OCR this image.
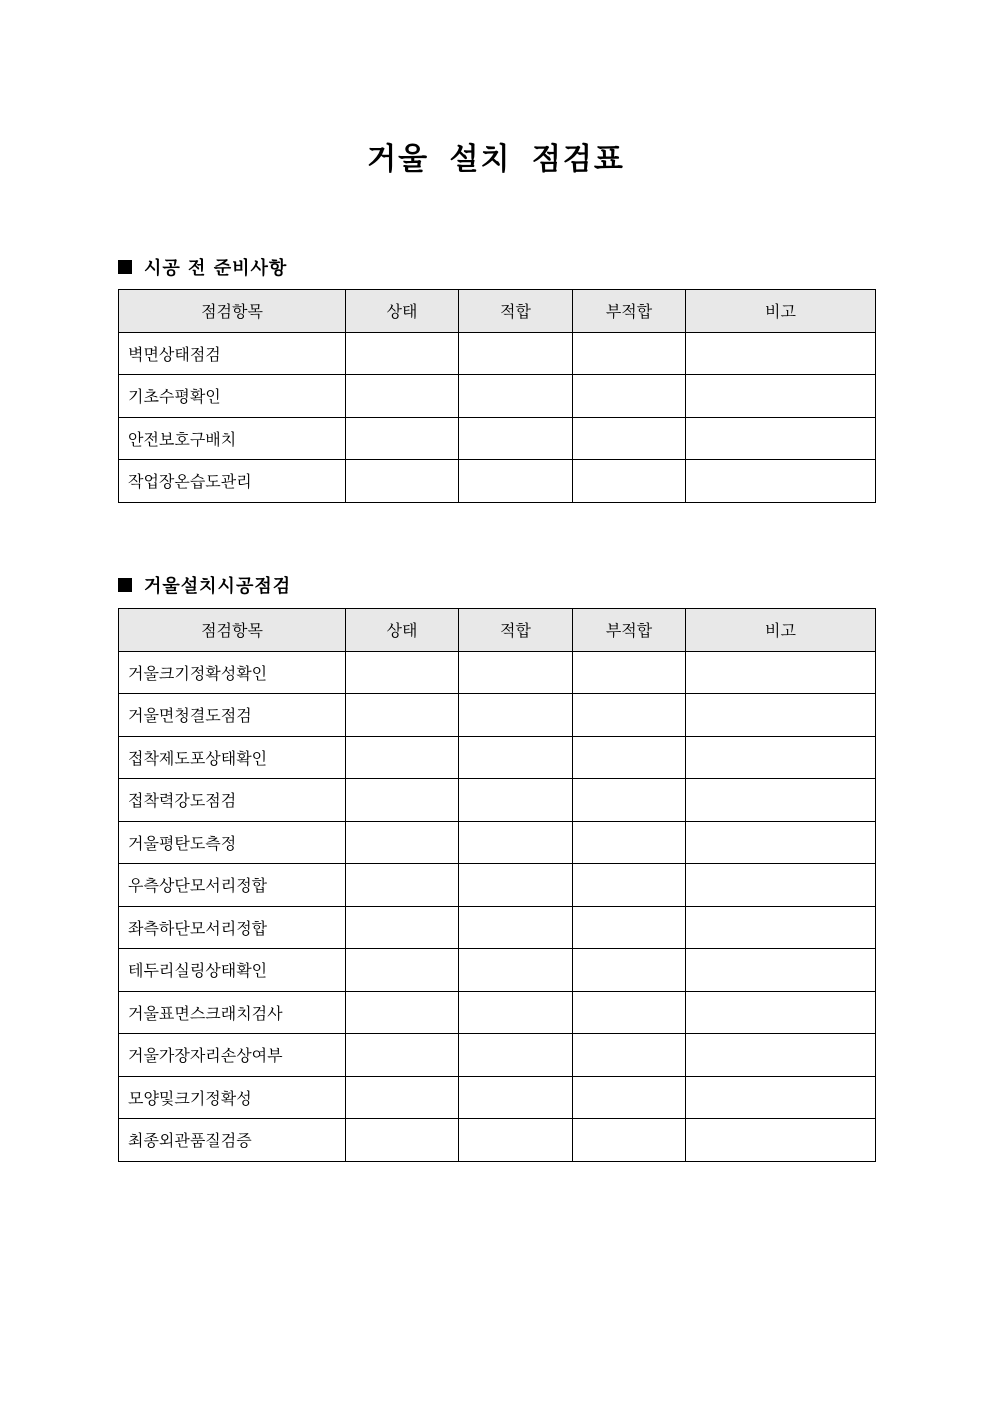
거울 설치 점검표
시공 전 준비사항
점검항목	상태	적합	부적합	비고
벽면상태점검				
기초수평확인				
안전보호구배치				
작업장온습도관리				
거울설치시공점검
점검항목	상태	적합	부적합	비고
거울크기정확성확인				
거울면청결도점검				
접착제도포상태확인				
접착력강도점검				
거울평탄도측정				
우측상단모서리정합				
좌측하단모서리정합				
테두리실링상태확인				
거울표면스크래치검사				
거울가장자리손상여부				
모양및크기정확성				
최종외관품질검증				
